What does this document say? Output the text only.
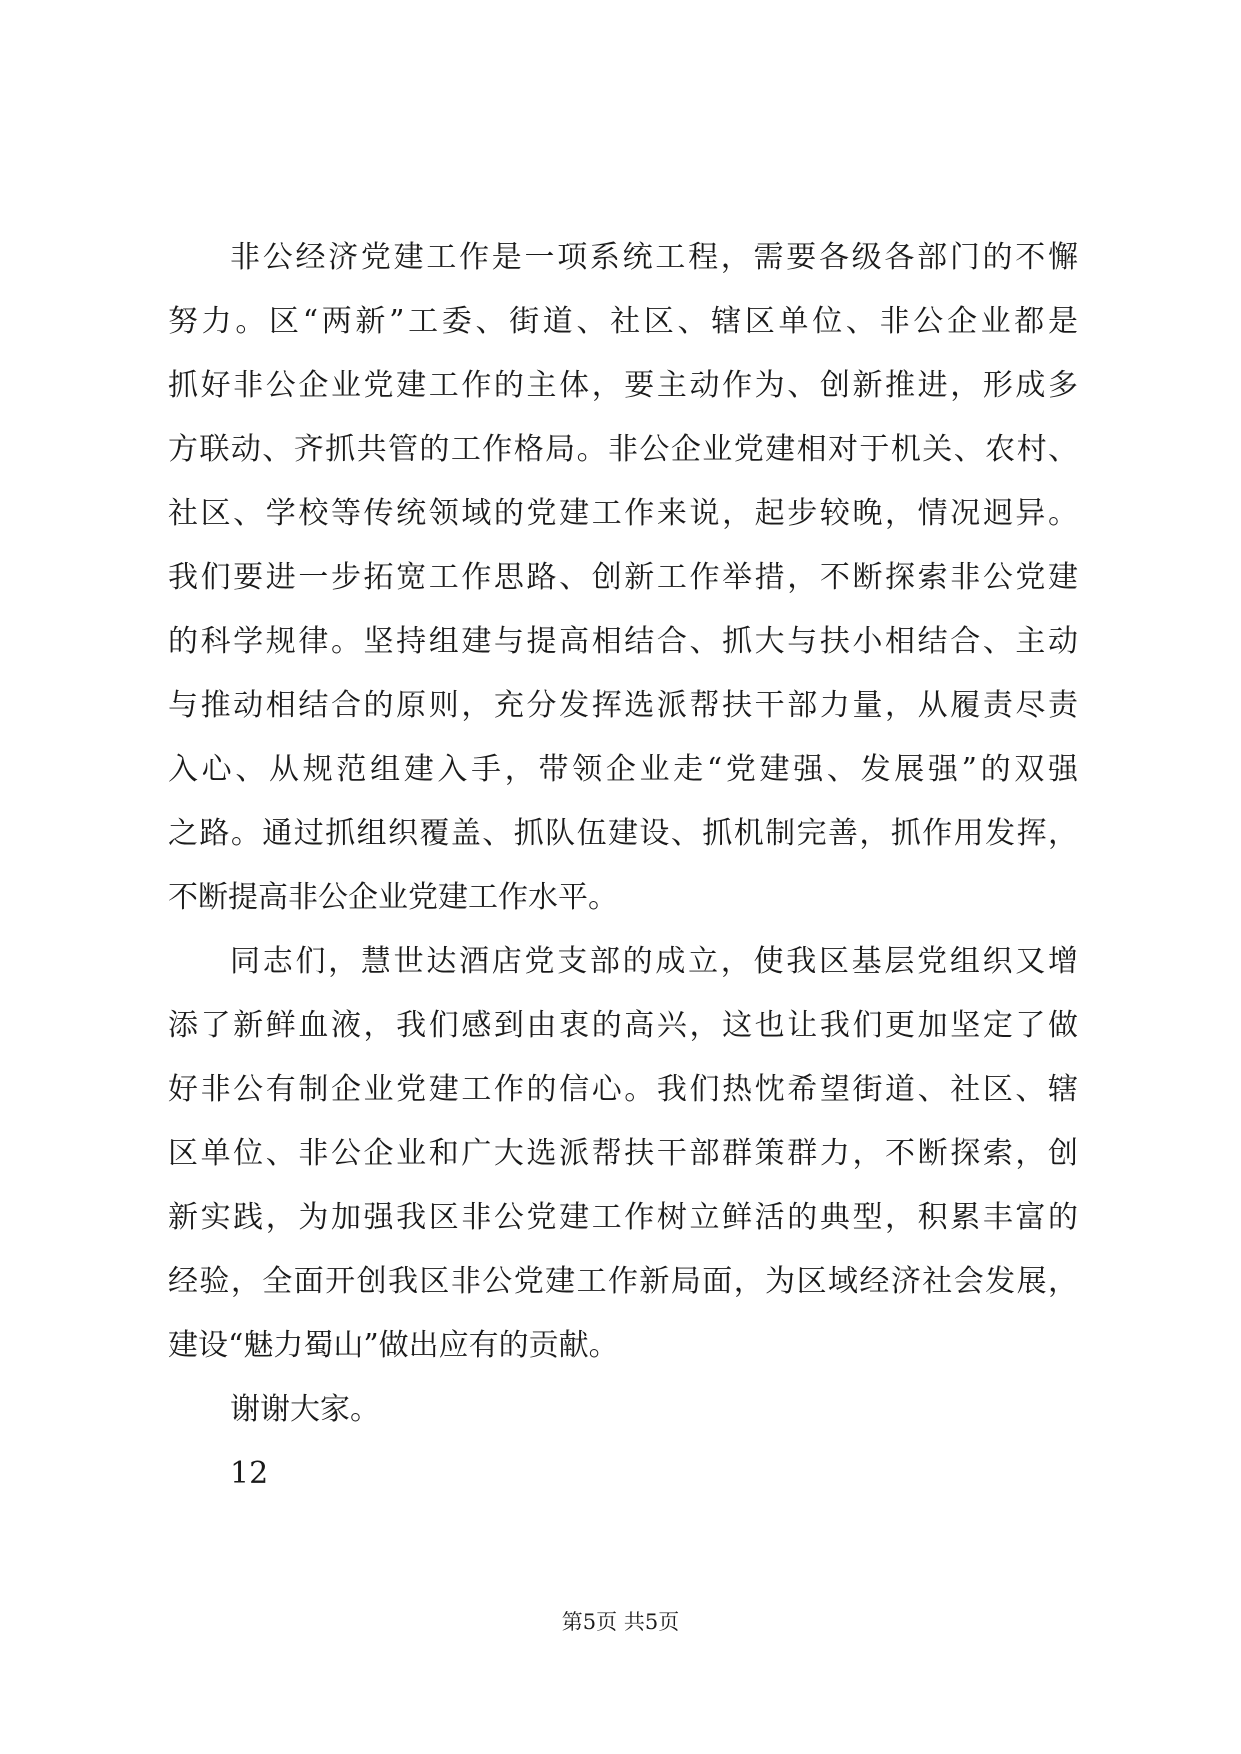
非公经济党建工作是一项系统工程，需要各级各部门的不懈
努力。区“两新”工委、街道、社区、辖区单位、非公企业都是
抓好非公企业党建工作的主体，要主动作为、创新推进，形成多
方联动、齐抓共管的工作格局。非公企业党建相对于机关、农村、
社区、学校等传统领域的党建工作来说，起步较晚，情况迥异。
我们要进一步拓宽工作思路、创新工作举措，不断探索非公党建
的科学规律。坚持组建与提高相结合、抓大与扶小相结合、主动
与推动相结合的原则，充分发挥选派帮扶干部力量，从履责尽责
入心、从规范组建入手，带领企业走“党建强、发展强”的双强
之路。通过抓组织覆盖、抓队伍建设、抓机制完善，抓作用发挥，
不断提高非公企业党建工作水平。
同志们，慧世达酒店党支部的成立，使我区基层党组织又增
添了新鲜血液，我们感到由衷的高兴，这也让我们更加坚定了做
好非公有制企业党建工作的信心。我们热忱希望街道、社区、辖
区单位、非公企业和广大选派帮扶干部群策群力，不断探索，创
新实践，为加强我区非公党建工作树立鲜活的典型，积累丰富的
经验，全面开创我区非公党建工作新局面，为区域经济社会发展，
建设“魅力蜀山”做出应有的贡献。
谢谢大家。
12
第5页 共5页
